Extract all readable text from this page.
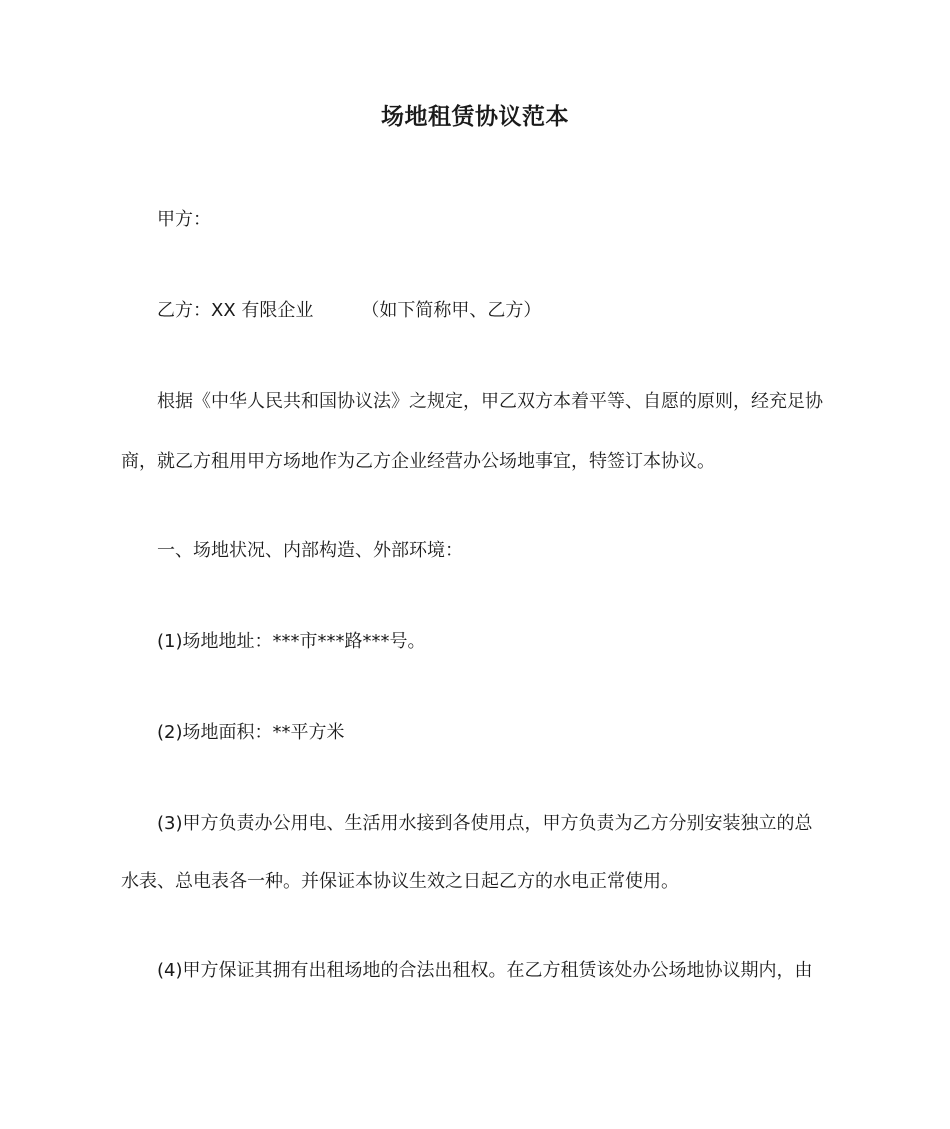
场地租赁协议范本
甲方：
乙方：XX 有限企业	（如下简称甲、乙方）
根据《中华人民共和国协议法》之规定，甲乙双方本着平等、自愿的原则，经充足协
商，就乙方租用甲方场地作为乙方企业经营办公场地事宜，特签订本协议。
一、场地状况、内部构造、外部环境：
(1)场地地址：***市***路***号。
(2)场地面积：**平方米
(3)甲方负责办公用电、生活用水接到各使用点，甲方负责为乙方分别安装独立的总
水表、总电表各一种。并保证本协议生效之日起乙方的水电正常使用。
(4)甲方保证其拥有出租场地的合法出租权。在乙方租赁该处办公场地协议期内，由
